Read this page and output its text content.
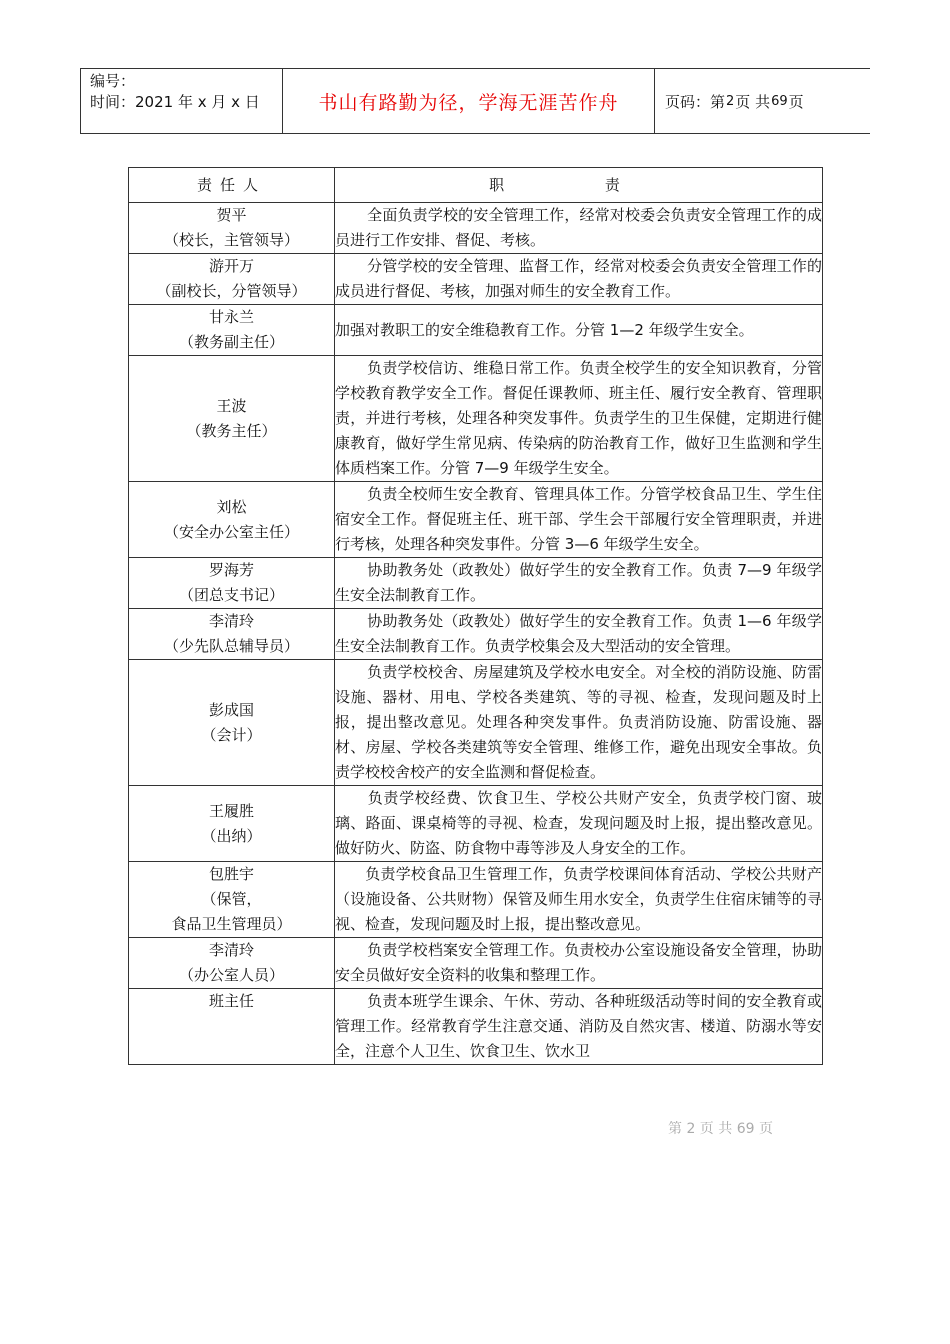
编号：
时间：2021 年 x 月 x 日	书山有路勤为径，学海无涯苦作舟	页码：第 2 页 共 69 页
责任人	职 责

贺平
（校长，主管领导）	全面负责学校的安全管理工作，经常对校委会负责安全管理工作的成员进行工作安排、督促、考核。

游开万
（副校长，分管领导）	分管学校的安全管理、监督工作，经常对校委会负责安全管理工作的成员进行督促、考核，加强对师生的安全教育工作。

甘永兰
（教务副主任）	加强对教职工的安全维稳教育工作。分管 1—2 年级学生安全。

王波
（教务主任）	负责学校信访、维稳日常工作。负责全校学生的安全知识教育，分管学校教育教学安全工作。督促任课教师、班主任、履行安全教育、管理职责，并进行考核，处理各种突发事件。负责学生的卫生保健，定期进行健康教育，做好学生常见病、传染病的防治教育工作，做好卫生监测和学生体质档案工作。分管 7—9 年级学生安全。

刘松
（安全办公室主任）	负责全校师生安全教育、管理具体工作。分管学校食品卫生、学生住宿安全工作。督促班主任、班干部、学生会干部履行安全管理职责，并进行考核，处理各种突发事件。分管 3—6 年级学生安全。

罗海芳
（团总支书记）	协助教务处（政教处）做好学生的安全教育工作。负责 7—9 年级学生安全法制教育工作。

李清玲
（少先队总辅导员）	协助教务处（政教处）做好学生的安全教育工作。负责 1—6 年级学生安全法制教育工作。负责学校集会及大型活动的安全管理。

彭成国
（会计）	负责学校校舍、房屋建筑及学校水电安全。对全校的消防设施、防雷设施、器材、用电、学校各类建筑、等的寻视、检查，发现问题及时上报，提出整改意见。处理各种突发事件。负责消防设施、防雷设施、器材、房屋、学校各类建筑等安全管理、维修工作，避免出现安全事故。负责学校校舍校产的安全监测和督促检查。

王履胜
（出纳）	负责学校经费、饮食卫生、学校公共财产安全，负责学校门窗、玻璃、路面、课桌椅等的寻视、检查，发现问题及时上报，提出整改意见。做好防火、防盗、防食物中毒等涉及人身安全的工作。

包胜宇
（保管，
食品卫生管理员）	负责学校食品卫生管理工作，负责学校课间体育活动、学校公共财产（设施设备、公共财物）保管及师生用水安全，负责学生住宿床铺等的寻视、检查，发现问题及时上报，提出整改意见。

李清玲
（办公室人员）	负责学校档案安全管理工作。负责校办公室设施设备安全管理，协助安全员做好安全资料的收集和整理工作。

班主任	负责本班学生课余、午休、劳动、各种班级活动等时间的安全教育或管理工作。经常教育学生注意交通、消防及自然灾害、楼道、防溺水等安全，注意个人卫生、饮食卫生、饮水卫
第 2 页 共 69 页
